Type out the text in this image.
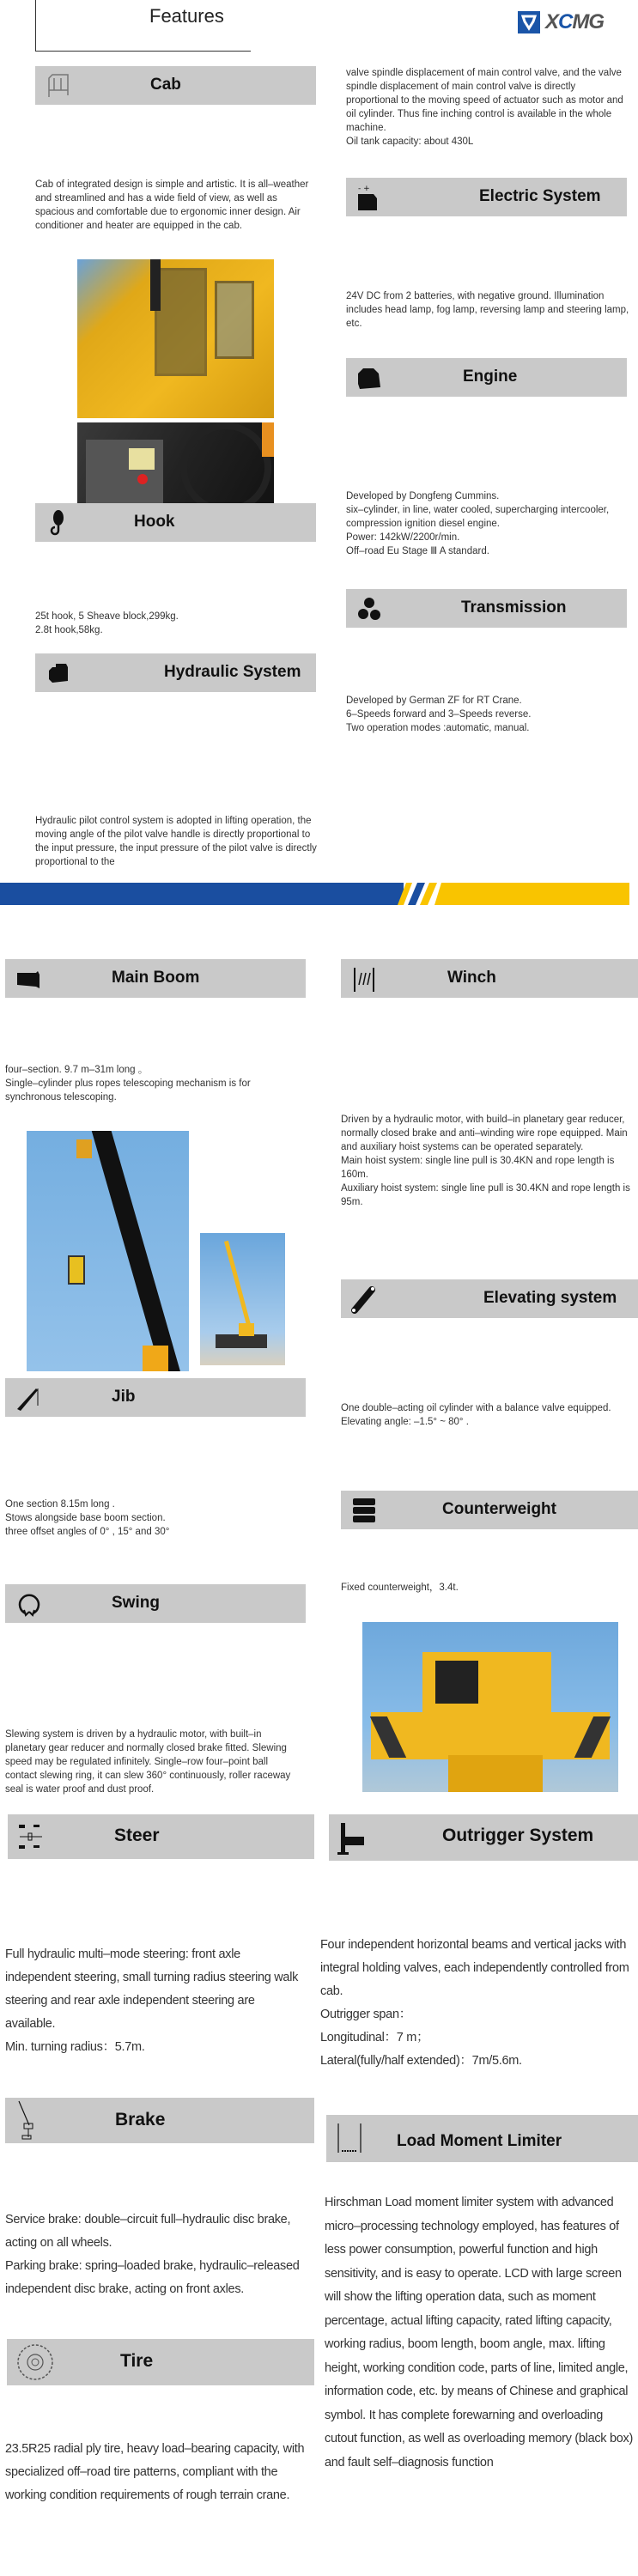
Features	XCMG
Cab
Cab of integrated design is simple and artistic. It is all–weather and streamlined and has a wide field of view, as well as spacious and comfortable due to ergonomic inner design. Air conditioner and heater are equipped in the cab.
Hook
25t hook, 5 Sheave block,299kg.
2.8t hook,58kg.
Hydraulic System
Hydraulic pilot control system is adopted in lifting operation, the moving angle of the pilot valve handle is directly proportional to the input pressure, the input pressure of the pilot valve is directly proportional to the
valve spindle displacement of main control valve, and the valve spindle displacement of main control valve is directly proportional to the moving speed of actuator such as motor and oil cylinder. Thus fine inching control is available in the whole machine.
Oil tank capacity: about 430L
- +	Electric System
24V DC from 2 batteries, with negative ground. Illumination includes head lamp, fog lamp, reversing lamp and steering lamp, etc.
Engine
Developed by Dongfeng Cummins.
six–cylinder, in line, water cooled, supercharging intercooler, compression ignition diesel engine.
Power: 142kW/2200r/min.
Off–road Eu Stage Ⅲ A standard.
Transmission
Developed by German ZF for RT Crane.
6–Speeds forward and 3–Speeds reverse.
Two operation modes :automatic, manual.
Main Boom
four–section. 9.7 m–31m long 。
Single–cylinder plus ropes telescoping mechanism is for synchronous telescoping.
Jib
One section 8.15m long .
Stows alongside base boom section.
three offset angles of 0° , 15° and 30°
Swing
Slewing system is driven by a hydraulic motor, with built–in planetary gear reducer and normally closed brake fitted. Slewing speed may be regulated infinitely. Single–row four–point ball contact slewing ring, it can slew 360° continuously, roller raceway seal is water proof and dust proof.
Winch
Driven by a hydraulic motor, with build–in planetary gear reducer, normally closed brake and anti–winding wire rope equipped. Main and auxiliary hoist systems can be operated separately.
Main hoist system: single line pull is 30.4KN and rope length is 160m.
Auxiliary hoist system: single line pull is 30.4KN and rope length is 95m.
Elevating system
One double–acting oil cylinder with a balance valve equipped.
Elevating angle: –1.5° ~ 80° .
Counterweight
Fixed counterweight，3.4t.
Steer
Full hydraulic multi–mode steering: front axle independent steering, small turning radius steering walk steering and rear axle independent steering are available.
Min. turning radius：5.7m.
Outrigger System
Four independent horizontal beams and vertical jacks with integral holding valves, each independently controlled from cab.
Outrigger span：
Longitudinal：7 m；
Lateral(fully/half extended)：7m/5.6m.
Brake
Service brake: double–circuit full–hydraulic disc brake, acting on all wheels.
Parking brake: spring–loaded brake, hydraulic–released independent disc brake, acting on front axles.
Load Moment Limiter
Hirschman Load moment limiter system with advanced micro–processing technology employed, has features of less power consumption, powerful function and high sensitivity, and is easy to operate. LCD with large screen will show the lifting operation data, such as moment percentage, actual lifting capacity, rated lifting capacity, working radius, boom length, boom angle, max. lifting height, working condition code, parts of line, limited angle, information code, etc. by means of Chinese and graphical symbol. It has complete forewarning and overloading cutout function, as well as overloading memory (black box) and fault self–diagnosis function
Tire
23.5R25 radial ply tire, heavy load–bearing capacity, with specialized off–road tire patterns, compliant with the working condition requirements of rough terrain crane.
